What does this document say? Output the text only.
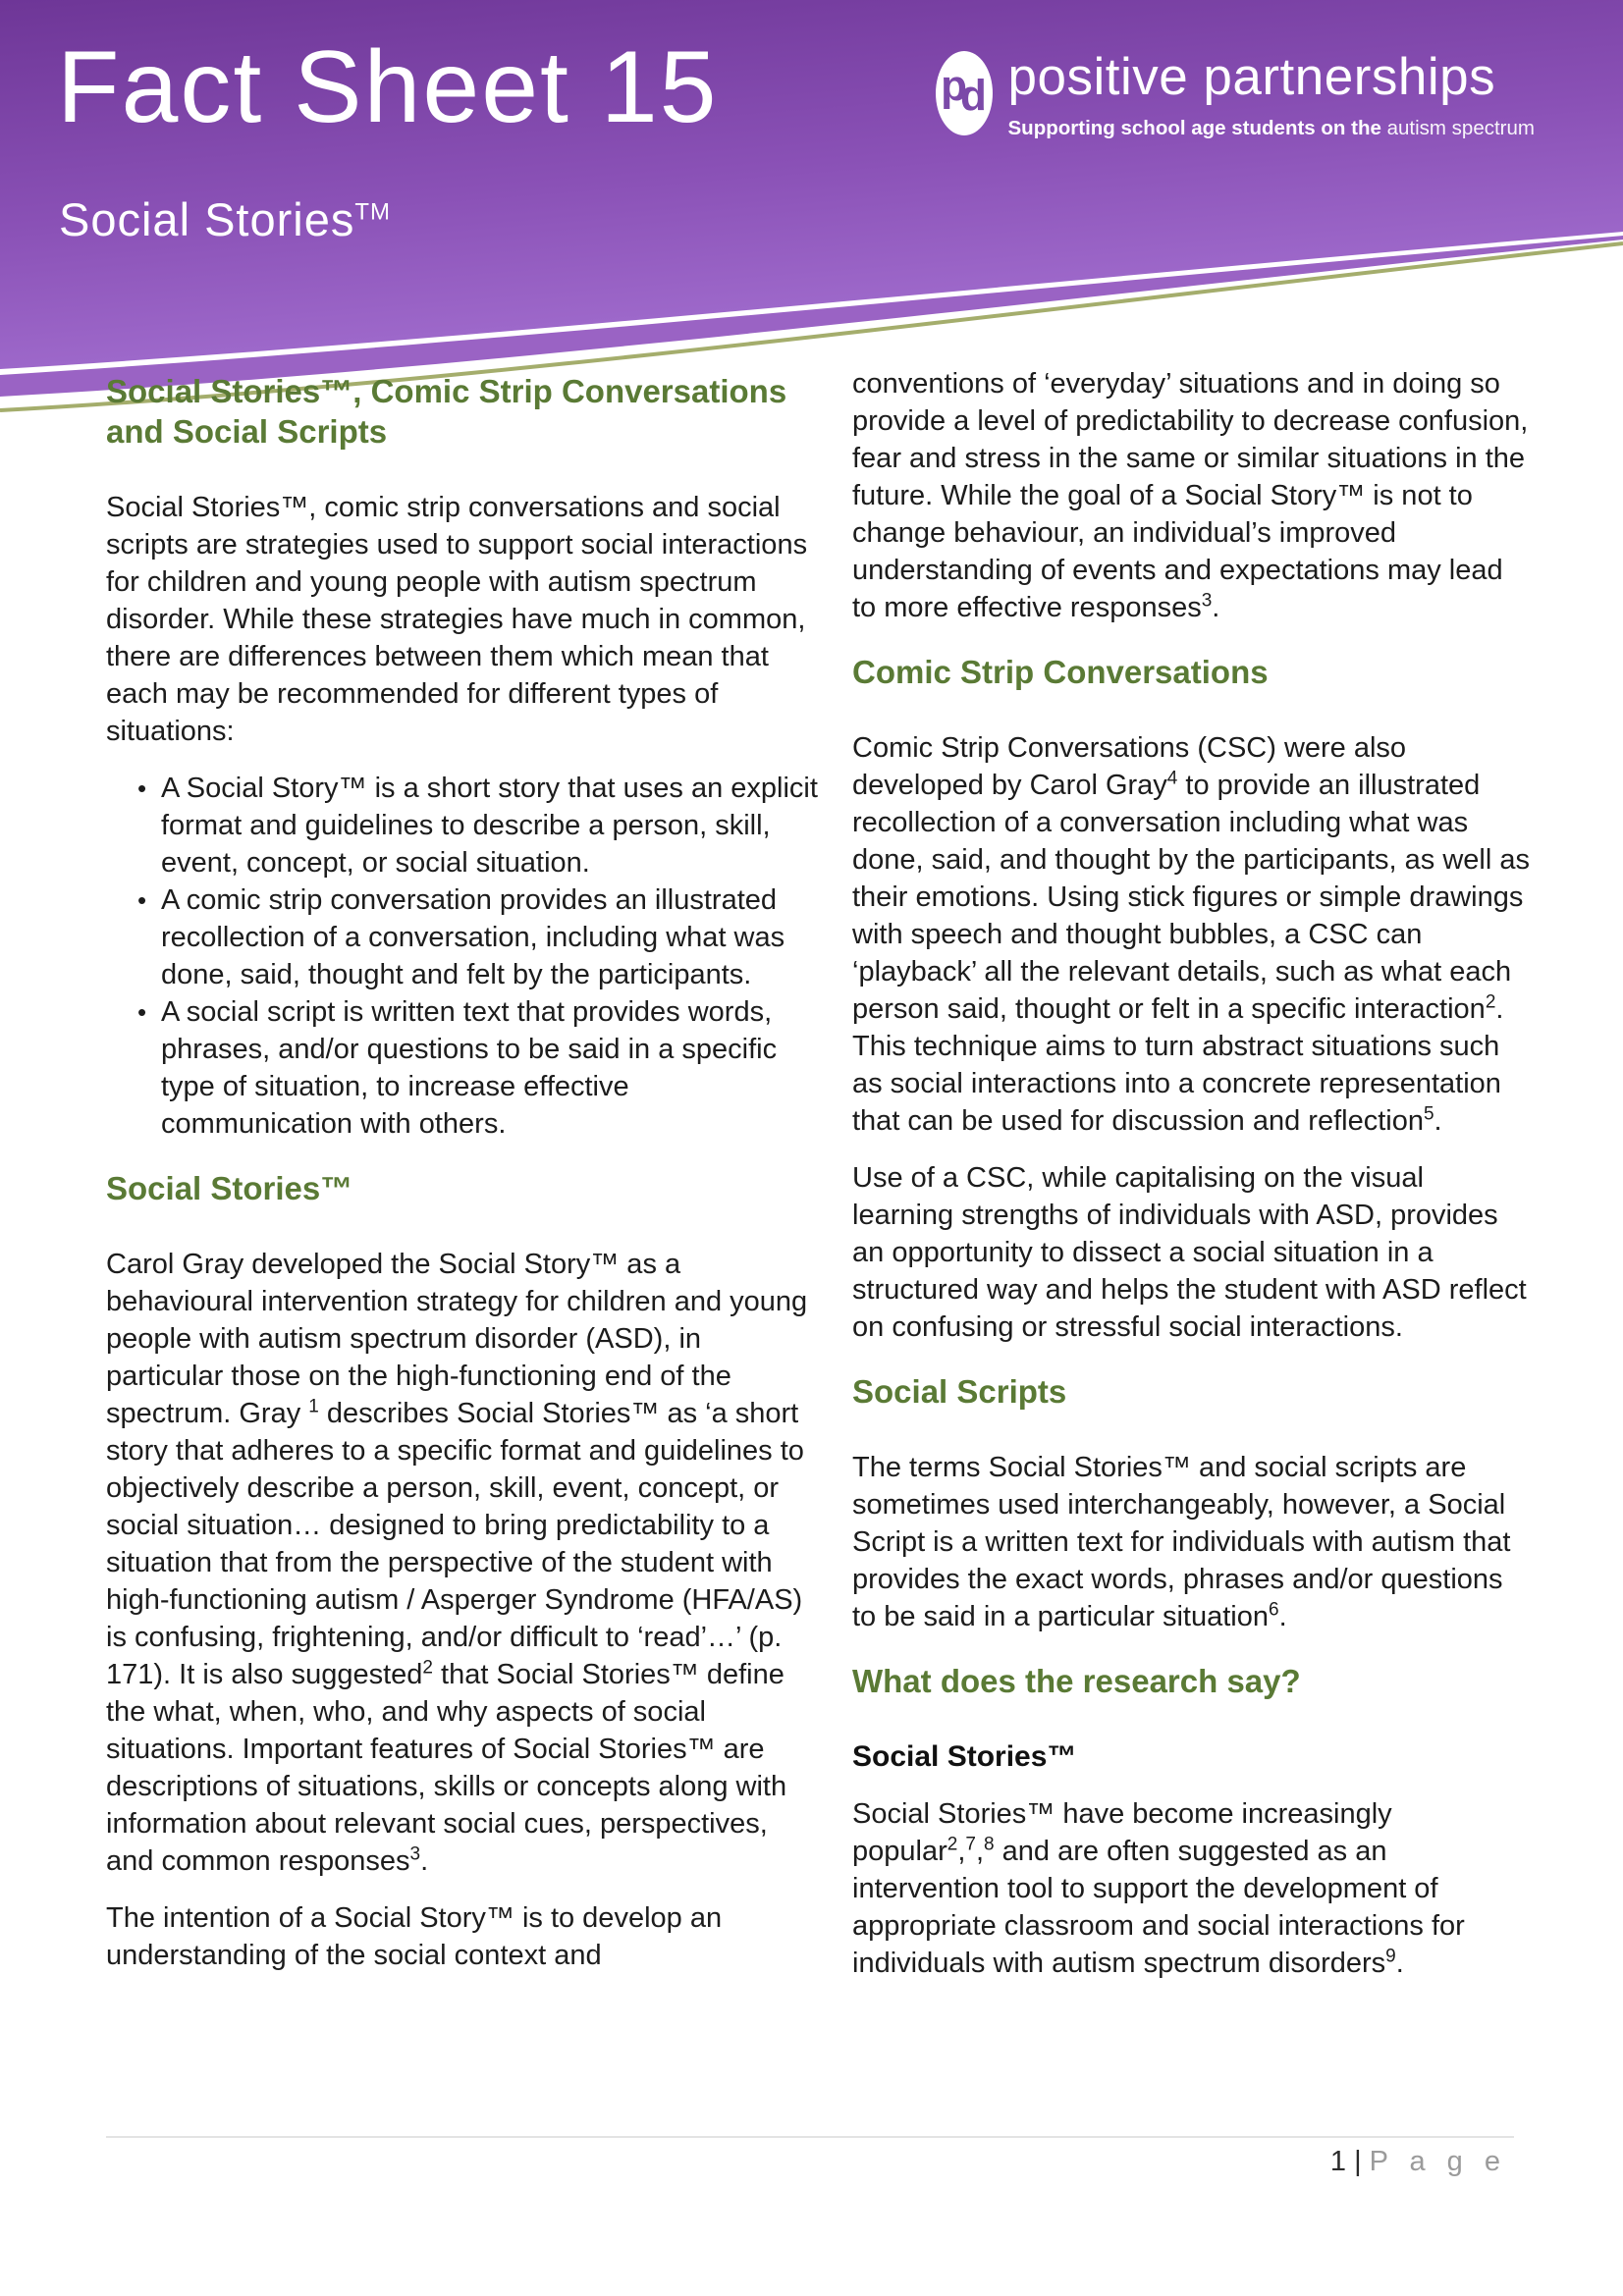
Fact Sheet 15
Social Stories™
p
p positive partnerships
Supporting school age students on the autism spectrum
Social Stories™, Comic Strip Conversations and Social Scripts

Social Stories™, comic strip conversations and social scripts are strategies used to support social interactions for children and young people with autism spectrum disorder. While these strategies have much in common, there are differences between them which mean that each may be recommended for different types of situations:

• A Social Story™ is a short story that uses an explicit format and guidelines to describe a person, skill, event, concept, or social situation.
• A comic strip conversation provides an illustrated recollection of a conversation, including what was done, said, thought and felt by the participants.
• A social script is written text that provides words, phrases, and/or questions to be said in a specific type of situation, to increase effective communication with others.
Social Stories™

Carol Gray developed the Social Story™ as a behavioural intervention strategy for children and young people with autism spectrum disorder (ASD), in particular those on the high-functioning end of the spectrum. Gray $^1$ describes Social Stories™ as ‘a short story that adheres to a specific format and guidelines to objectively describe a person, skill, event, concept, or social situation… designed to bring predictability to a situation that from the perspective of the student with high-functioning autism / Asperger Syndrome (HFA/AS) is confusing, frightening, and/or difficult to ‘read’…’ (p. 171). It is also suggested$^2$ that Social Stories™ define the what, when, who, and why aspects of social situations. Important features of Social Stories™ are descriptions of situations, skills or concepts along with information about relevant social cues, perspectives, and common responses$^3$.

The intention of a Social Story™ is to develop an understanding of the social context and

conventions of ‘everyday’ situations and in doing so provide a level of predictability to decrease confusion, fear and stress in the same or similar situations in the future. While the goal of a Social Story™ is not to change behaviour, an individual’s improved understanding of events and expectations may lead to more effective responses$^3$.

Comic Strip Conversations

Comic Strip Conversations (CSC) were also developed by Carol Gray$^4$ to provide an illustrated recollection of a conversation including what was done, said, and thought by the participants, as well as their emotions. Using stick figures or simple drawings with speech and thought bubbles, a CSC can ‘playback’ all the relevant details, such as what each person said, thought or felt in a specific interaction$^2$. This technique aims to turn abstract situations such as social interactions into a concrete representation that can be used for discussion and reflection$^5$.

Use of a CSC, while capitalising on the visual learning strengths of individuals with ASD, provides an opportunity to dissect a social situation in a structured way and helps the student with ASD reflect on confusing or stressful social interactions.

Social Scripts

The terms Social Stories™ and social scripts are sometimes used interchangeably, however, a Social Script is a written text for individuals with autism that provides the exact words, phrases and/or questions to be said in a particular situation$^6$.

What does the research say?
Social Stories™

Social Stories™ have become increasingly popular$^2$,$^7$,$^8$ and are often suggested as an intervention tool to support the development of appropriate classroom and social interactions for individuals with autism spectrum disorders$^9$.

1 | P a g e
